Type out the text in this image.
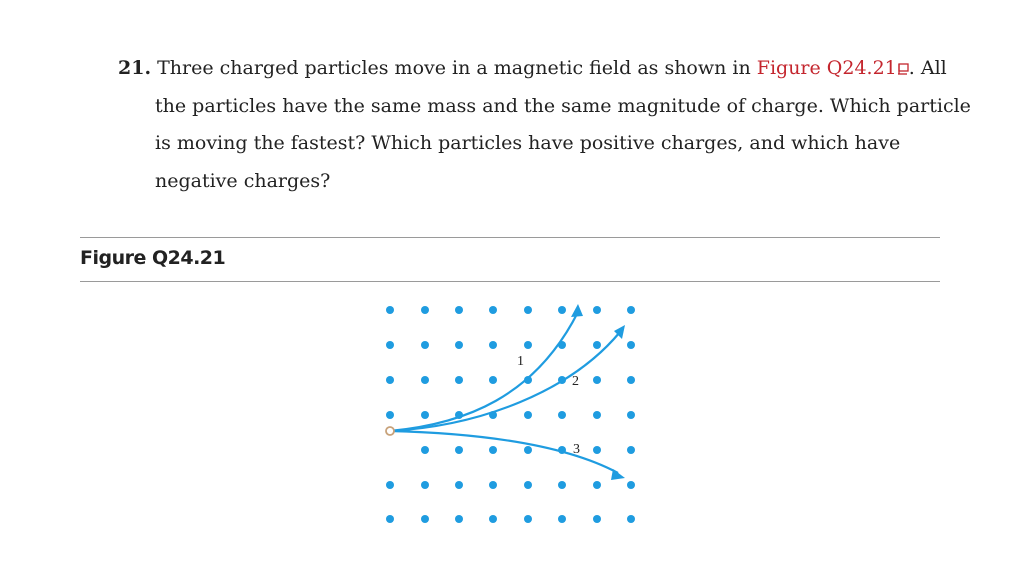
21. Three charged particles move in a magnetic field as shown in Figure Q24.21 . All
the particles have the same mass and the same magnitude of charge. Which particle
is moving the fastest? Which particles have positive charges, and which have
negative charges?
Figure Q24.21
1
2
3
